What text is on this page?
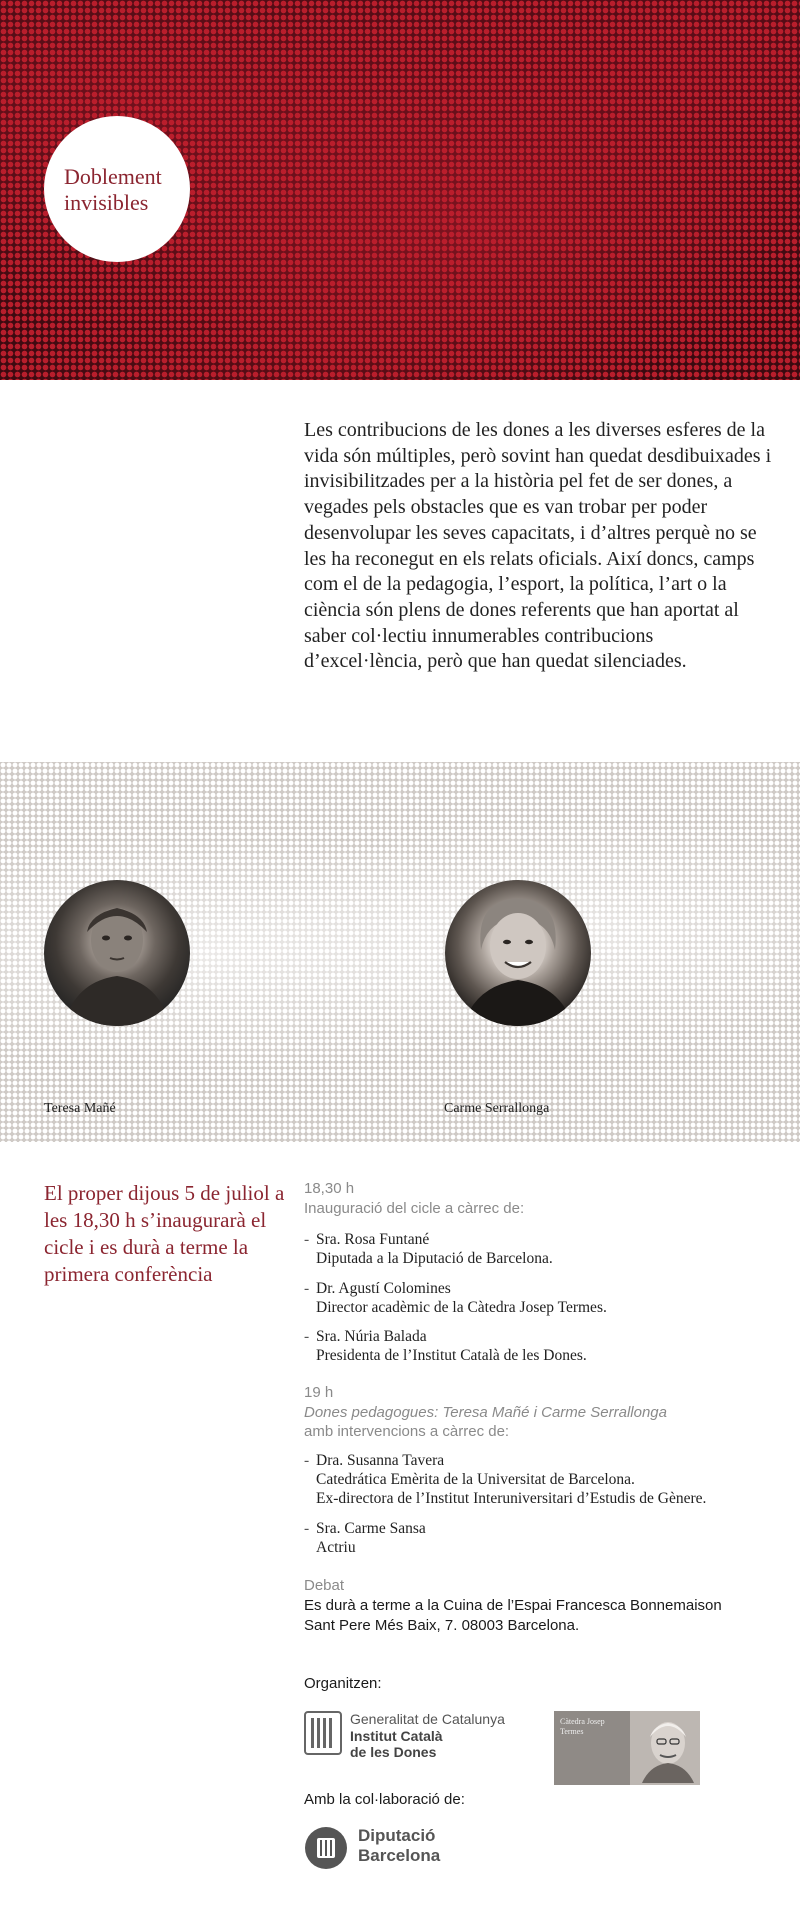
Doblement invisibles
Les contribucions de les dones a les diverses esferes de la vida són múltiples, però sovint han quedat desdibuixades i invisibilitzades per a la història pel fet de ser dones, a vegades pels obstacles que es van trobar per poder desenvolupar les seves capacitats, i d’altres perquè no se les ha reconegut en els relats oficials. Així doncs, camps com el de la pedagogia, l’esport, la política, l’art o la ciència són plens de dones referents que han aportat al saber col·lectiu innumerables contribucions d’excel·lència, però que han quedat silenciades.
Teresa Mañé	Carme Serrallonga
El proper dijous 5 de juliol a les 18,30 h s’inaugurarà el cicle i es durà a terme la primera conferència
18,30 h
Inauguració del cicle a càrrec de:
- Sra. Rosa Funtané
Diputada a la Diputació de Barcelona.
- Dr. Agustí Colomines
Director acadèmic de la Càtedra Josep Termes.
- Sra. Núria Balada
Presidenta de l’Institut Català de les Dones.
19 h
Dones pedagogues: Teresa Mañé i Carme Serrallonga
amb intervencions a càrrec de:
- Dra. Susanna Tavera
Catedrática Emèrita de la Universitat de Barcelona.
Ex-directora de l’Institut Interuniversitari d’Estudis de Gènere.
- Sra. Carme Sansa
Actriu
Debat
Es durà a terme a la Cuina de l’Espai Francesca Bonnemaison
Sant Pere Més Baix, 7. 08003 Barcelona.
Organitzen:
Generalitat de Catalunya
Institut Català
de les Dones
Càtedra Josep Termes
Amb la col·laboració de:
Diputació
Barcelona
